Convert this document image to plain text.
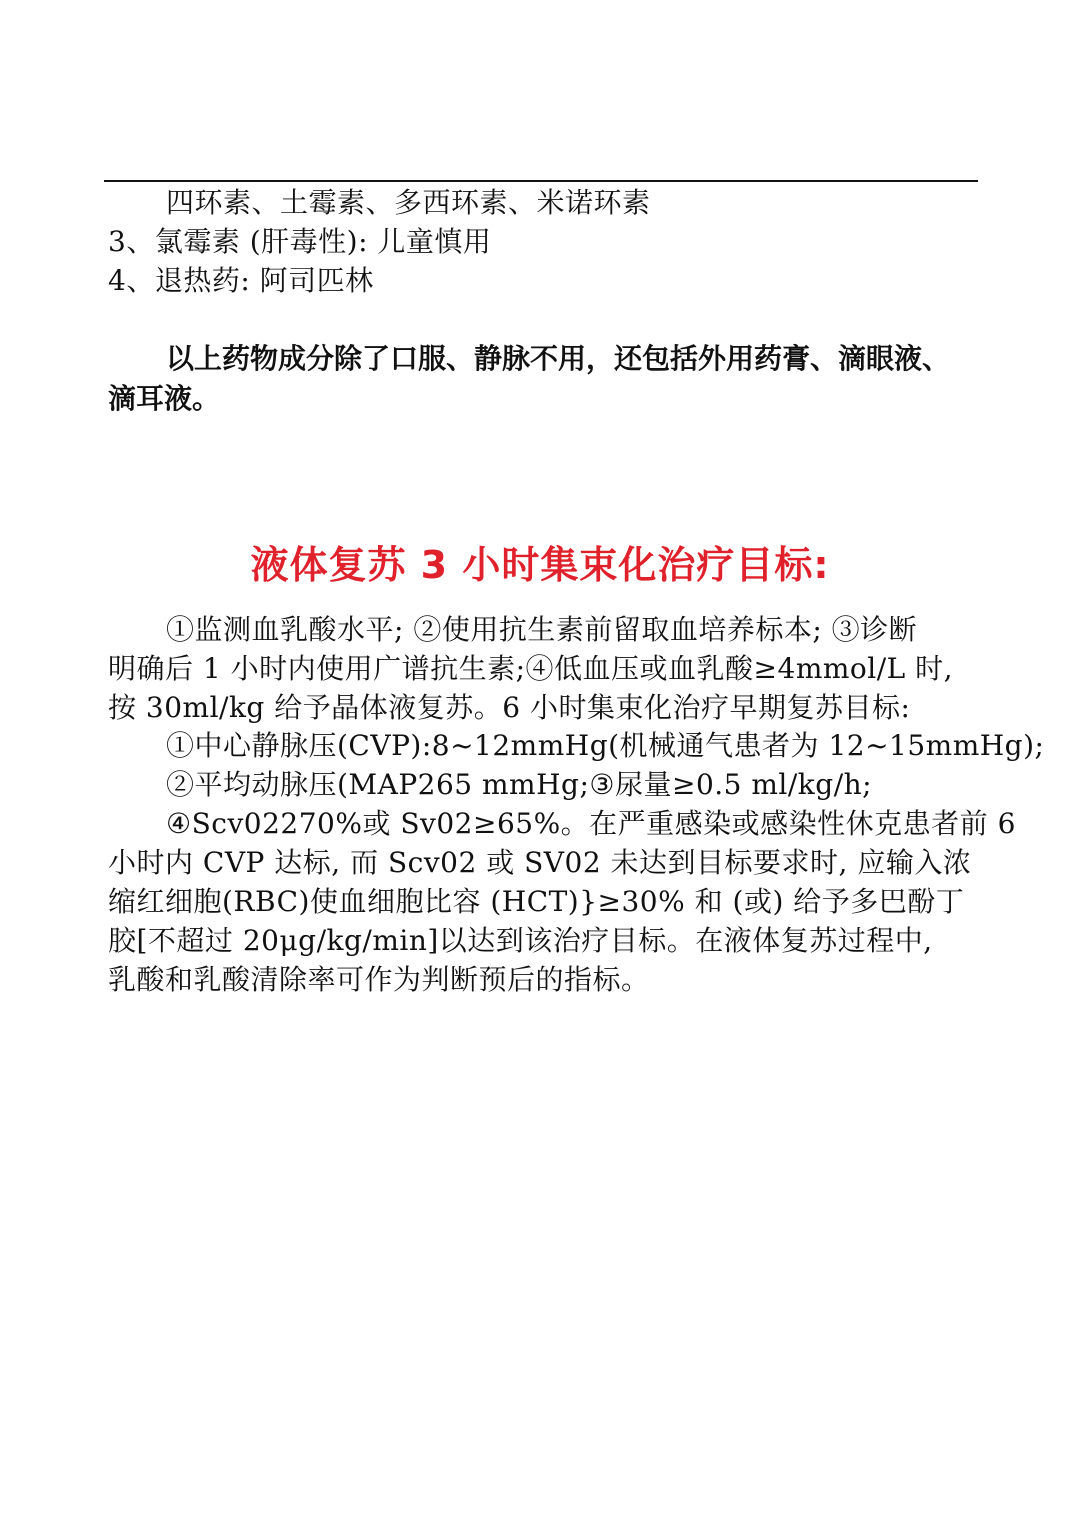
四环素、土霉素、多西环素、米诺环素
3、氯霉素 (肝毒性): 儿童慎用
4、退热药: 阿司匹林
以上药物成分除了口服、静脉不用，还包括外用药膏、滴眼液、
滴耳液。
液体复苏 3 小时集束化治疗目标:
①监测血乳酸水平; ②使用抗生素前留取血培养标本; ③诊断
明确后 1 小时内使用广谱抗生素;④低血压或血乳酸≥4mmol/L 时,
按 30ml/kg 给予晶体液复苏。6 小时集束化治疗早期复苏目标:
①中心静脉压(CVP):8~12mmHg(机械通气患者为 12~15mmHg);
②平均动脉压(MAP265 mmHg;③尿量≥0.5 ml/kg/h;
④Scv02270%或 Sv02≥65%。在严重感染或感染性休克患者前 6
小时内 CVP 达标, 而 Scv02 或 SV02 未达到目标要求时, 应输入浓
缩红细胞(RBC)使血细胞比容 (HCT)}≥30% 和 (或) 给予多巴酚丁
胶[不超过 20μg/kg/min]以达到该治疗目标。在液体复苏过程中,
乳酸和乳酸清除率可作为判断预后的指标。
